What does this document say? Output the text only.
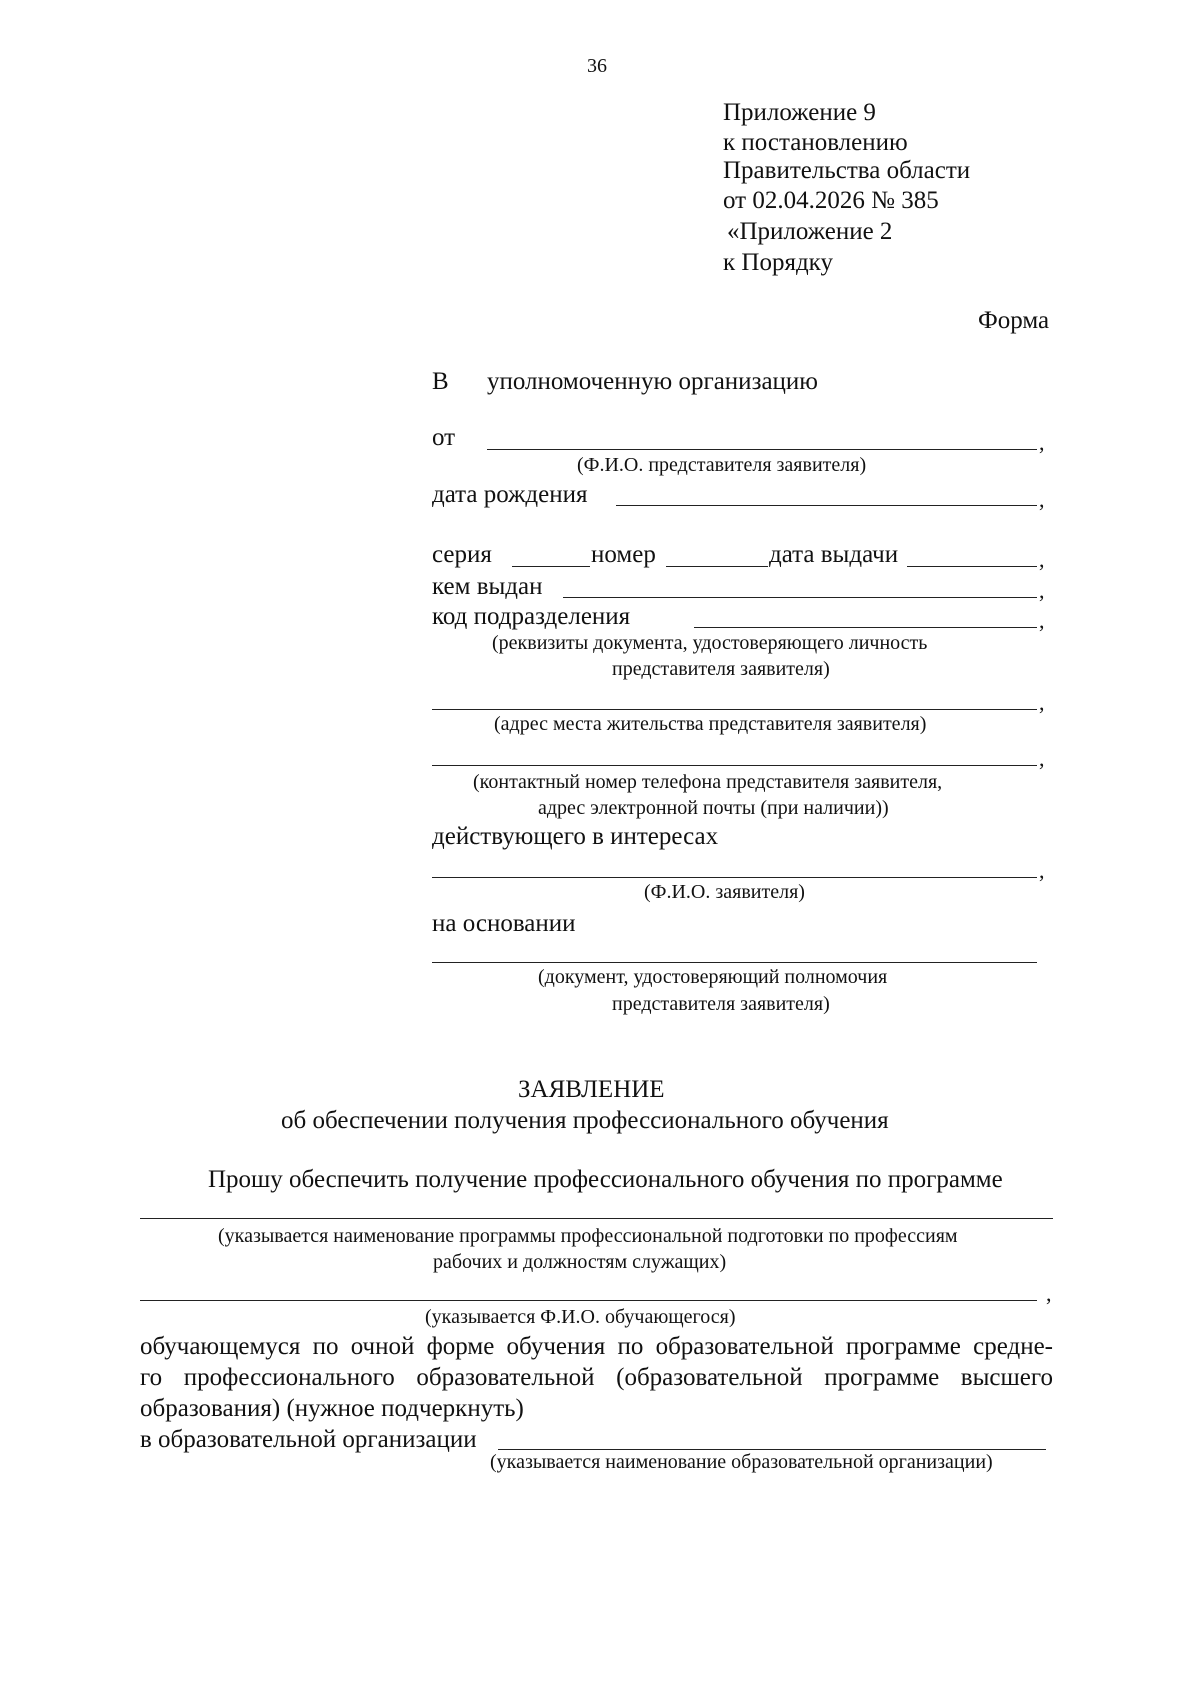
36
Приложение 9
к постановлению
Правительства области
от 02.04.2026 № 385
«Приложение 2
к Порядку
Форма
В уполномоченную организацию
от	,
(Ф.И.О. представителя заявителя)
дата рождения	,
серия	номер	дата выдачи	,
кем выдан	,
код подразделения	,
(реквизиты документа, удостоверяющего личность
представителя заявителя)
,
(адрес места жительства представителя заявителя)
,
(контактный номер телефона представителя заявителя,
адрес электронной почты (при наличии))
действующего в интересах
,
(Ф.И.О. заявителя)
на основании
(документ, удостоверяющий полномочия
представителя заявителя)
ЗАЯВЛЕНИЕ
об обеспечении получения профессионального обучения
Прошу обеспечить получение профессионального обучения по программе
(указывается наименование программы профессиональной подготовки по профессиям
рабочих и должностям служащих)
,
(указывается Ф.И.О. обучающегося)
обучающемуся по очной форме обучения по образовательной программе средне-
го профессионального образовательной (образовательной программе высшего
образования) (нужное подчеркнуть)
в образовательной организации
(указывается наименование образовательной организации)
